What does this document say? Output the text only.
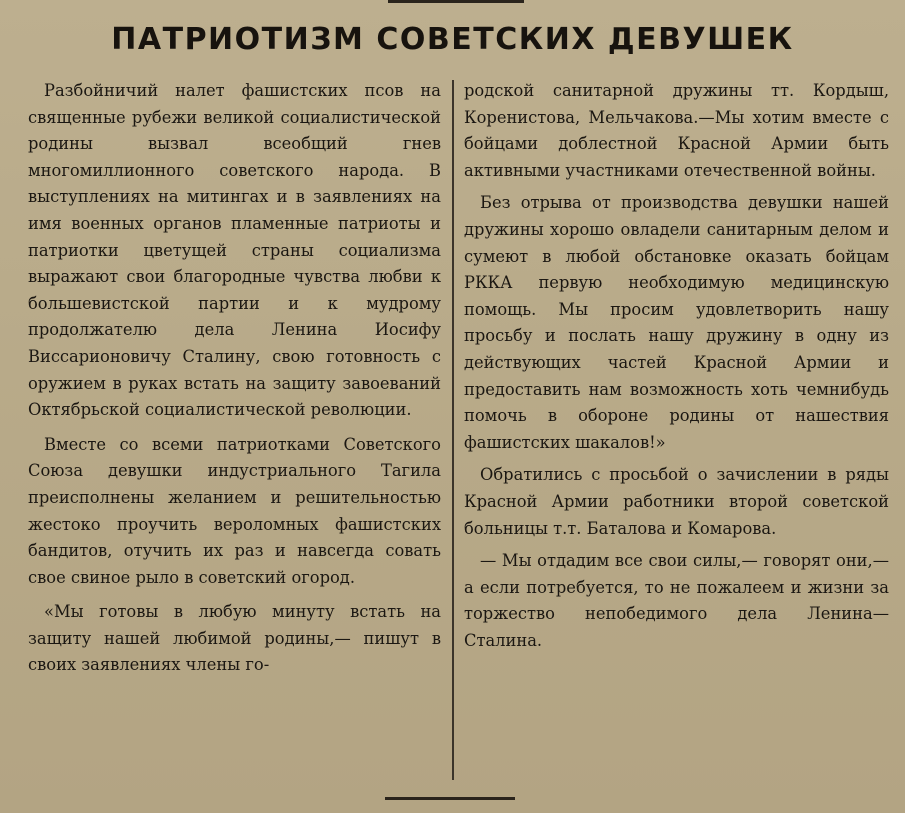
ПАТРИОТИЗМ СОВЕТСКИХ ДЕВУШЕК

Разбойничий налет фашистских псов на священные рубежи великой социалистической родины вызвал всеобщий гнев многомиллионного советского народа. В выступлениях на митингах и в заявлениях на имя военных органов пламенные патриоты и патриотки цветущей страны социализма выражают свои благородные чувства любви к большевистской партии и к мудрому продолжателю дела Ленина Иосифу Виссарионовичу Сталину, свою готовность с оружием в руках встать на защиту завоеваний Октябрьской социалистической революции.

Вместе со всеми патриотками Советского Союза девушки индустриального Тагила преисполнены желанием и решительностью жестоко проучить вероломных фашистских бандитов, отучить их раз и навсегда совать свое свиное рыло в советский огород.

«Мы готовы в любую минуту встать на защиту нашей любимой родины,— пишут в своих заявлениях члены го-

родской санитарной дружины тт. Кордыш, Коренистова, Мельчакова.—Мы хотим вместе с бойцами доблестной Красной Армии быть активными участниками отечественной войны.

Без отрыва от производства девушки нашей дружины хорошо овладели санитарным делом и сумеют в любой обстановке оказать бойцам РККА первую необходимую медицинскую помощь. Мы просим удовлетворить нашу просьбу и послать нашу дружину в одну из действующих частей Красной Армии и предоставить нам возможность хоть чемнибудь помочь в обороне родины от нашествия фашистских шакалов!»

Обратились с просьбой о зачислении в ряды Красной Армии работники второй советской больницы т.т. Баталова и Комарова.

— Мы отдадим все свои силы,— говорят они,—а если потребуется, то не пожалеем и жизни за торжество непобедимого дела Ленина—Сталина.
